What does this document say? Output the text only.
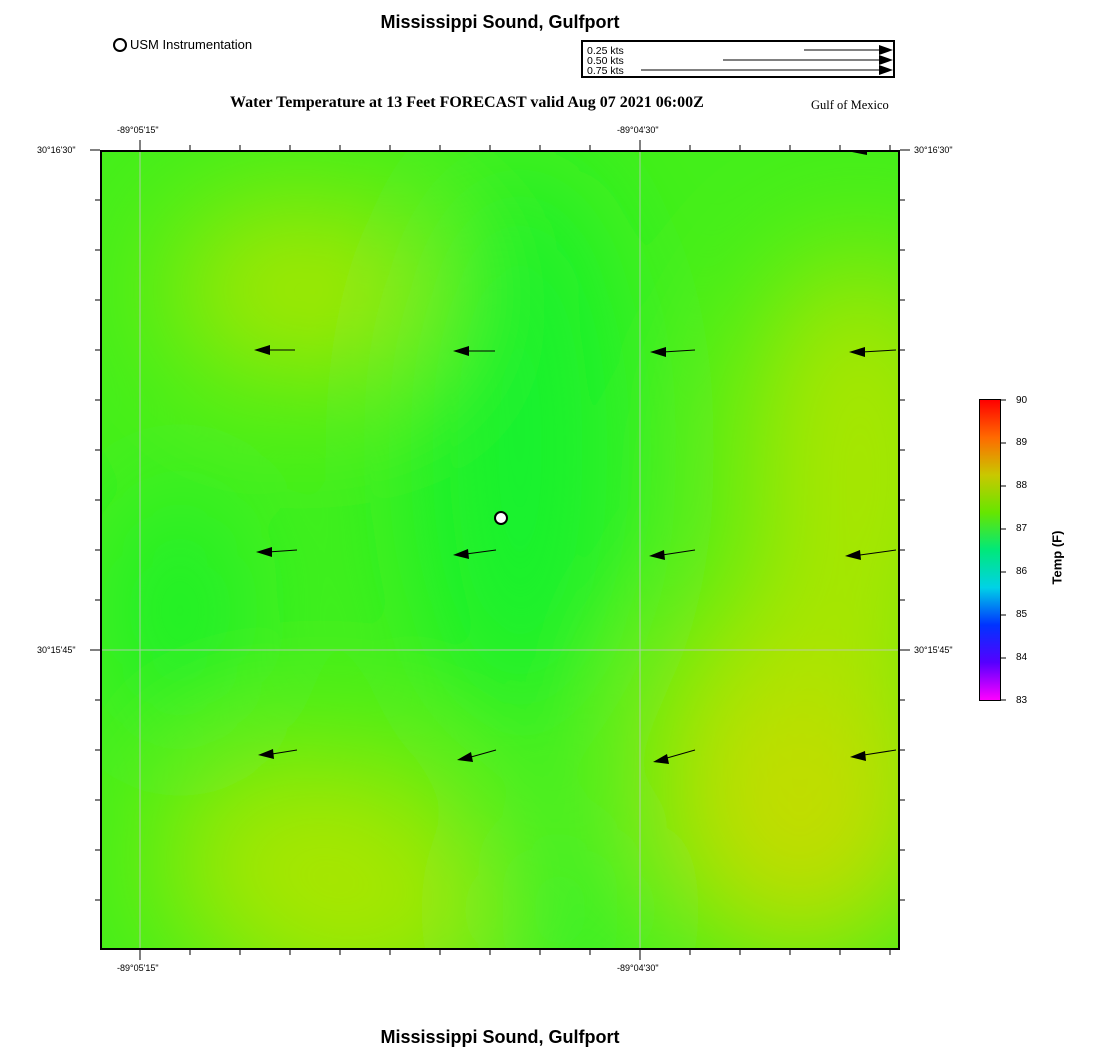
Mississippi Sound, Gulfport
USM Instrumentation	0.25 kts
0.50 kts
0.75 kts
Water Temperature at 13 Feet FORECAST valid Aug 07 2021 06:00Z	Gulf of Mexico
-89°05'15"	-89°04'30"
-89°05'15"	-89°04'30"
30°16'30"
30°15'45"
30°16'30"
30°15'45"
90
89
88
87
86
85
84
83
Temp (F)
Mississippi Sound, Gulfport
